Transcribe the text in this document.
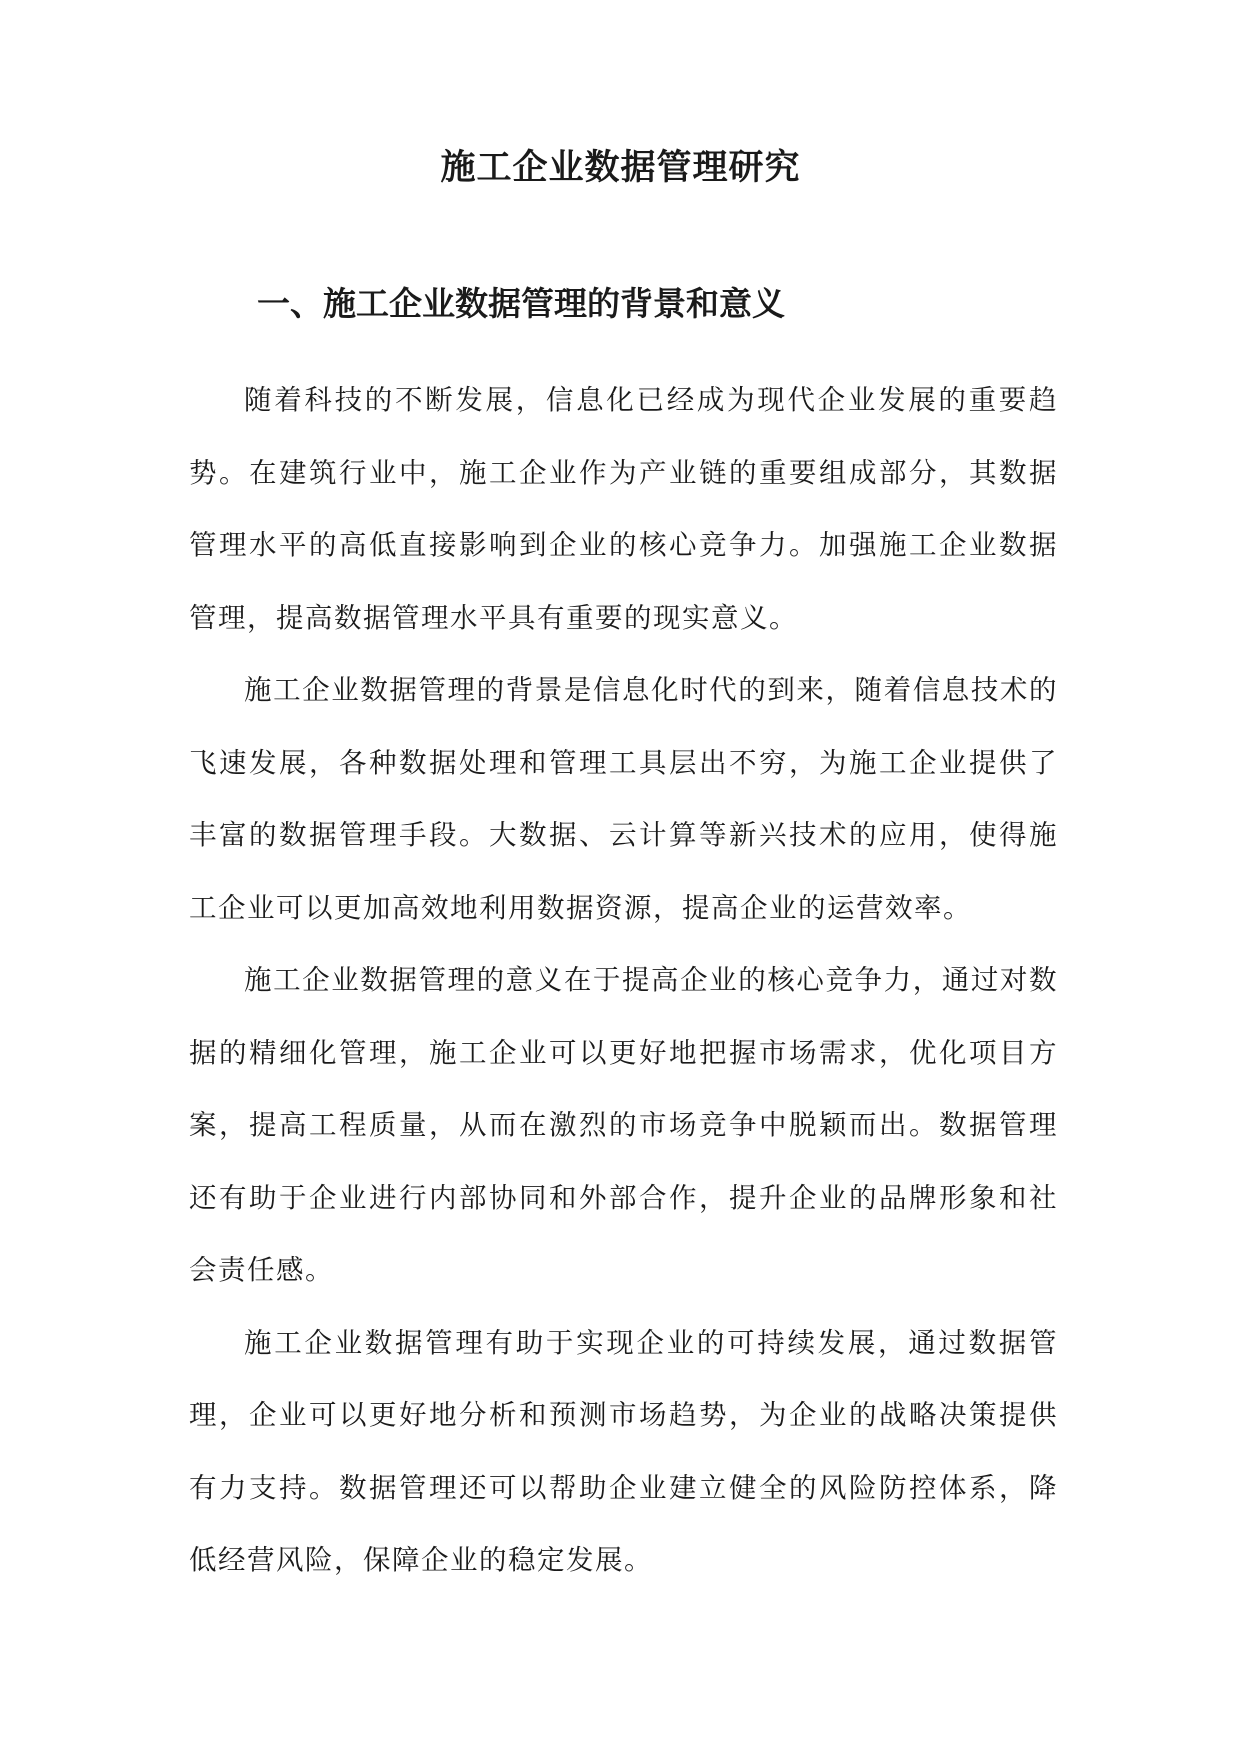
施工企业数据管理研究
一、施工企业数据管理的背景和意义

随着科技的不断发展，信息化已经成为现代企业发展的重要趋势。在建筑行业中，施工企业作为产业链的重要组成部分，其数据管理水平的高低直接影响到企业的核心竞争力。加强施工企业数据管理，提高数据管理水平具有重要的现实意义。

施工企业数据管理的背景是信息化时代的到来，随着信息技术的飞速发展，各种数据处理和管理工具层出不穷，为施工企业提供了丰富的数据管理手段。大数据、云计算等新兴技术的应用，使得施工企业可以更加高效地利用数据资源，提高企业的运营效率。

施工企业数据管理的意义在于提高企业的核心竞争力，通过对数据的精细化管理，施工企业可以更好地把握市场需求，优化项目方案，提高工程质量，从而在激烈的市场竞争中脱颖而出。数据管理还有助于企业进行内部协同和外部合作，提升企业的品牌形象和社会责任感。

施工企业数据管理有助于实现企业的可持续发展，通过数据管理，企业可以更好地分析和预测市场趋势，为企业的战略决策提供有力支持。数据管理还可以帮助企业建立健全的风险防控体系，降低经营风险，保障企业的稳定发展。
